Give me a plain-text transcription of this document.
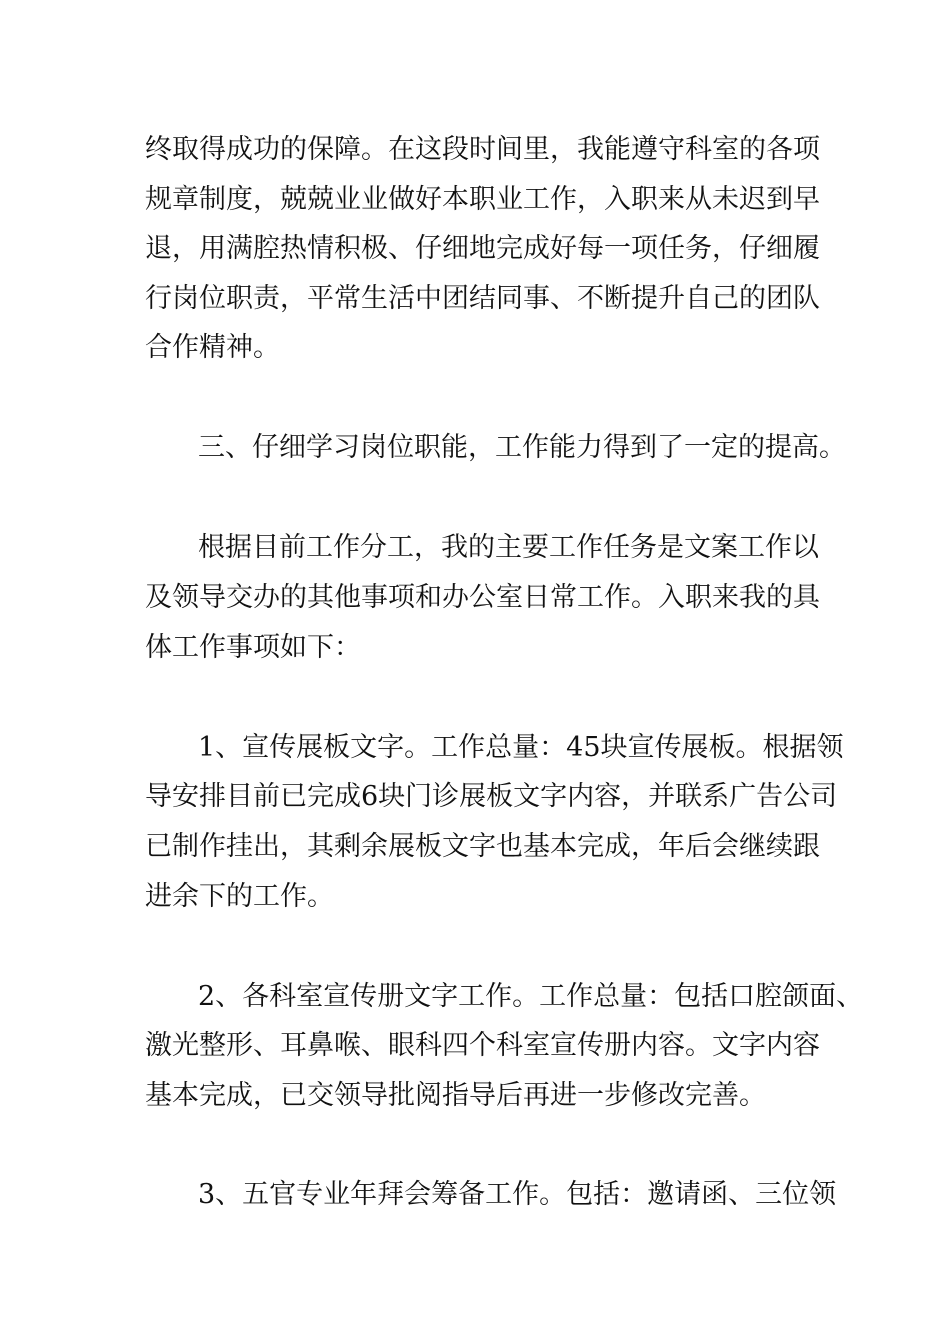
终取得成功的保障。在这段时间里，我能遵守科室的各项
规章制度，兢兢业业做好本职业工作，入职来从未迟到早
退，用满腔热情积极、仔细地完成好每一项任务，仔细履
行岗位职责，平常生活中团结同事、不断提升自己的团队
合作精神。
三、仔细学习岗位职能，工作能力得到了一定的提高。
根据目前工作分工，我的主要工作任务是文案工作以
及领导交办的其他事项和办公室日常工作。入职来我的具
体工作事项如下：
1、宣传展板文字。工作总量：45块宣传展板。根据领
导安排目前已完成6块门诊展板文字内容，并联系广告公司
已制作挂出，其剩余展板文字也基本完成，年后会继续跟
进余下的工作。
2、各科室宣传册文字工作。工作总量：包括口腔颌面、
激光整形、耳鼻喉、眼科四个科室宣传册内容。文字内容
基本完成，已交领导批阅指导后再进一步修改完善。
3、五官专业年拜会筹备工作。包括：邀请函、三位领
